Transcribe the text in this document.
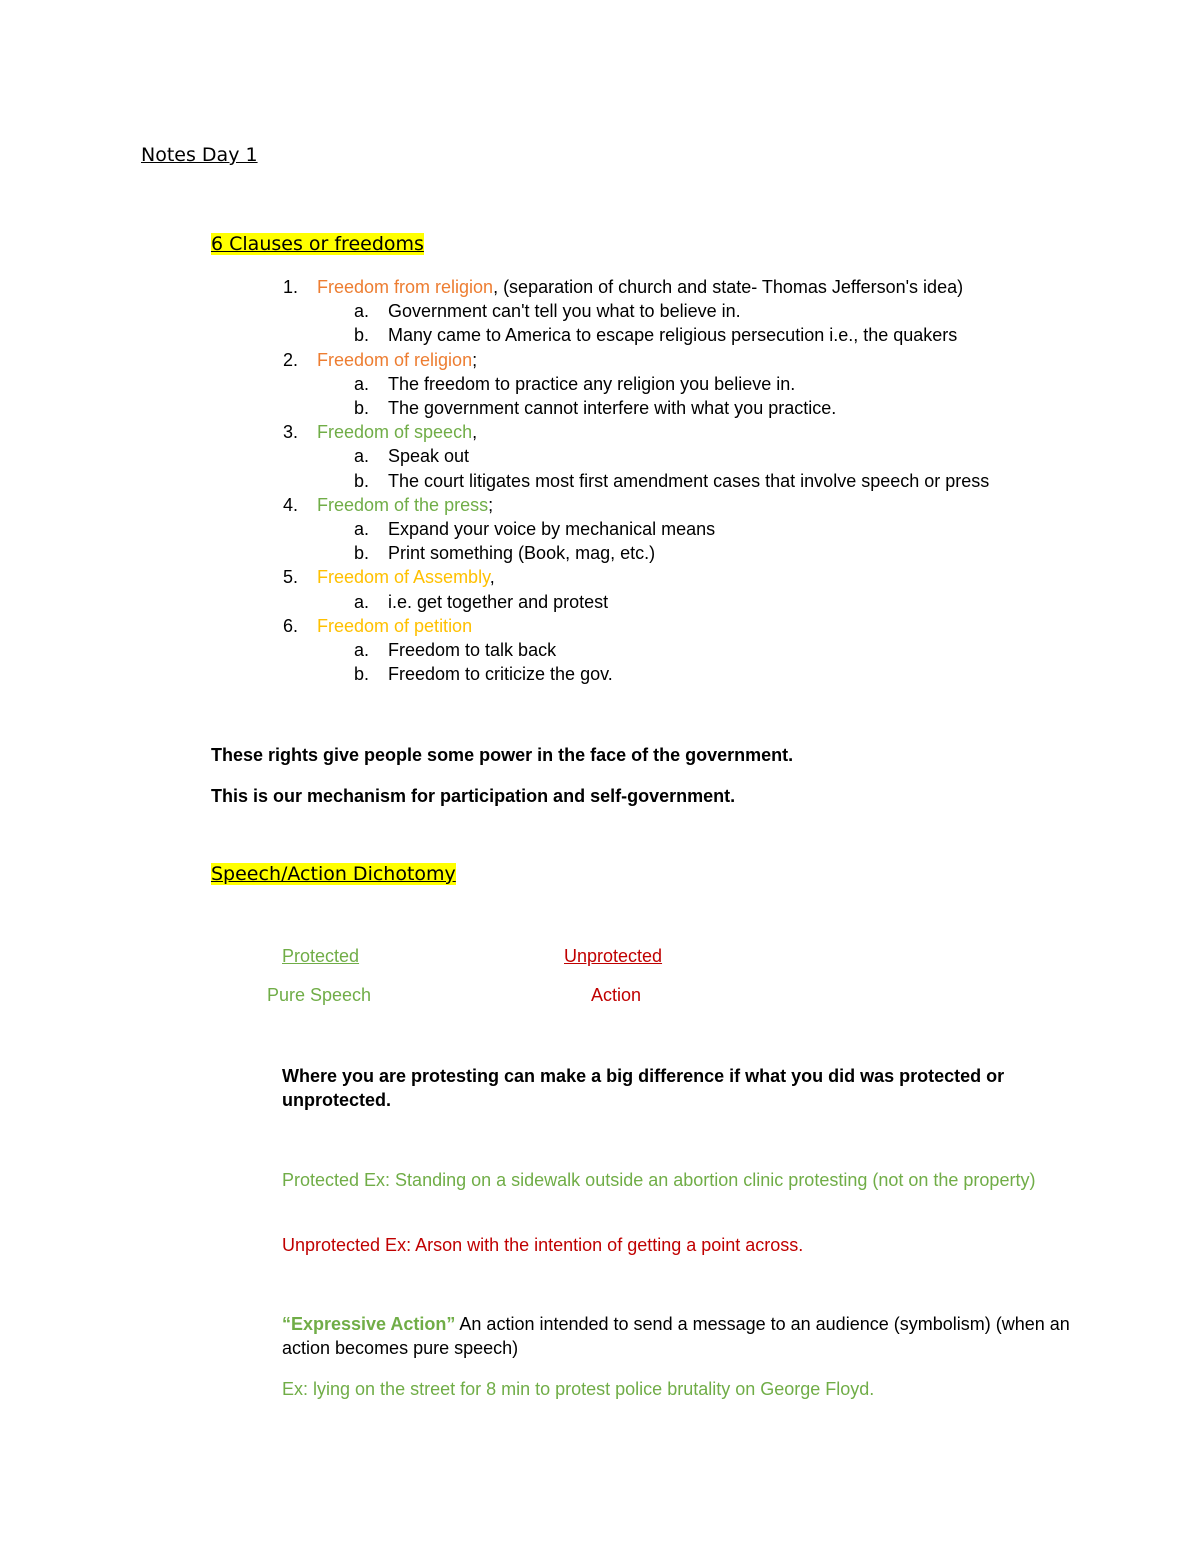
Notes Day 1
6 Clauses or freedoms
1.	Freedom from religion, (separation of church and state- Thomas Jefferson's idea)
a.	Government can't tell you what to believe in.
b.	Many came to America to escape religious persecution i.e., the quakers
2.	Freedom of religion;
a.	The freedom to practice any religion you believe in.
b.	The government cannot interfere with what you practice.
3.	Freedom of speech,
a.	Speak out
b.	The court litigates most first amendment cases that involve speech or press
4.	Freedom of the press;
a.	Expand your voice by mechanical means
b.	Print something (Book, mag, etc.)
5.	Freedom of Assembly,
a.	i.e. get together and protest
6.	Freedom of petition
a.	Freedom to talk back
b.	Freedom to criticize the gov.
These rights give people some power in the face of the government.
This is our mechanism for participation and self-government.
Speech/Action Dichotomy
Protected	Unprotected
Pure Speech	Action
Where you are protesting can make a big difference if what you did was protected or unprotected.
Protected Ex: Standing on a sidewalk outside an abortion clinic protesting (not on the property)
Unprotected Ex: Arson with the intention of getting a point across.
“Expressive Action” An action intended to send a message to an audience (symbolism) (when an action becomes pure speech)
Ex: lying on the street for 8 min to protest police brutality on George Floyd.
